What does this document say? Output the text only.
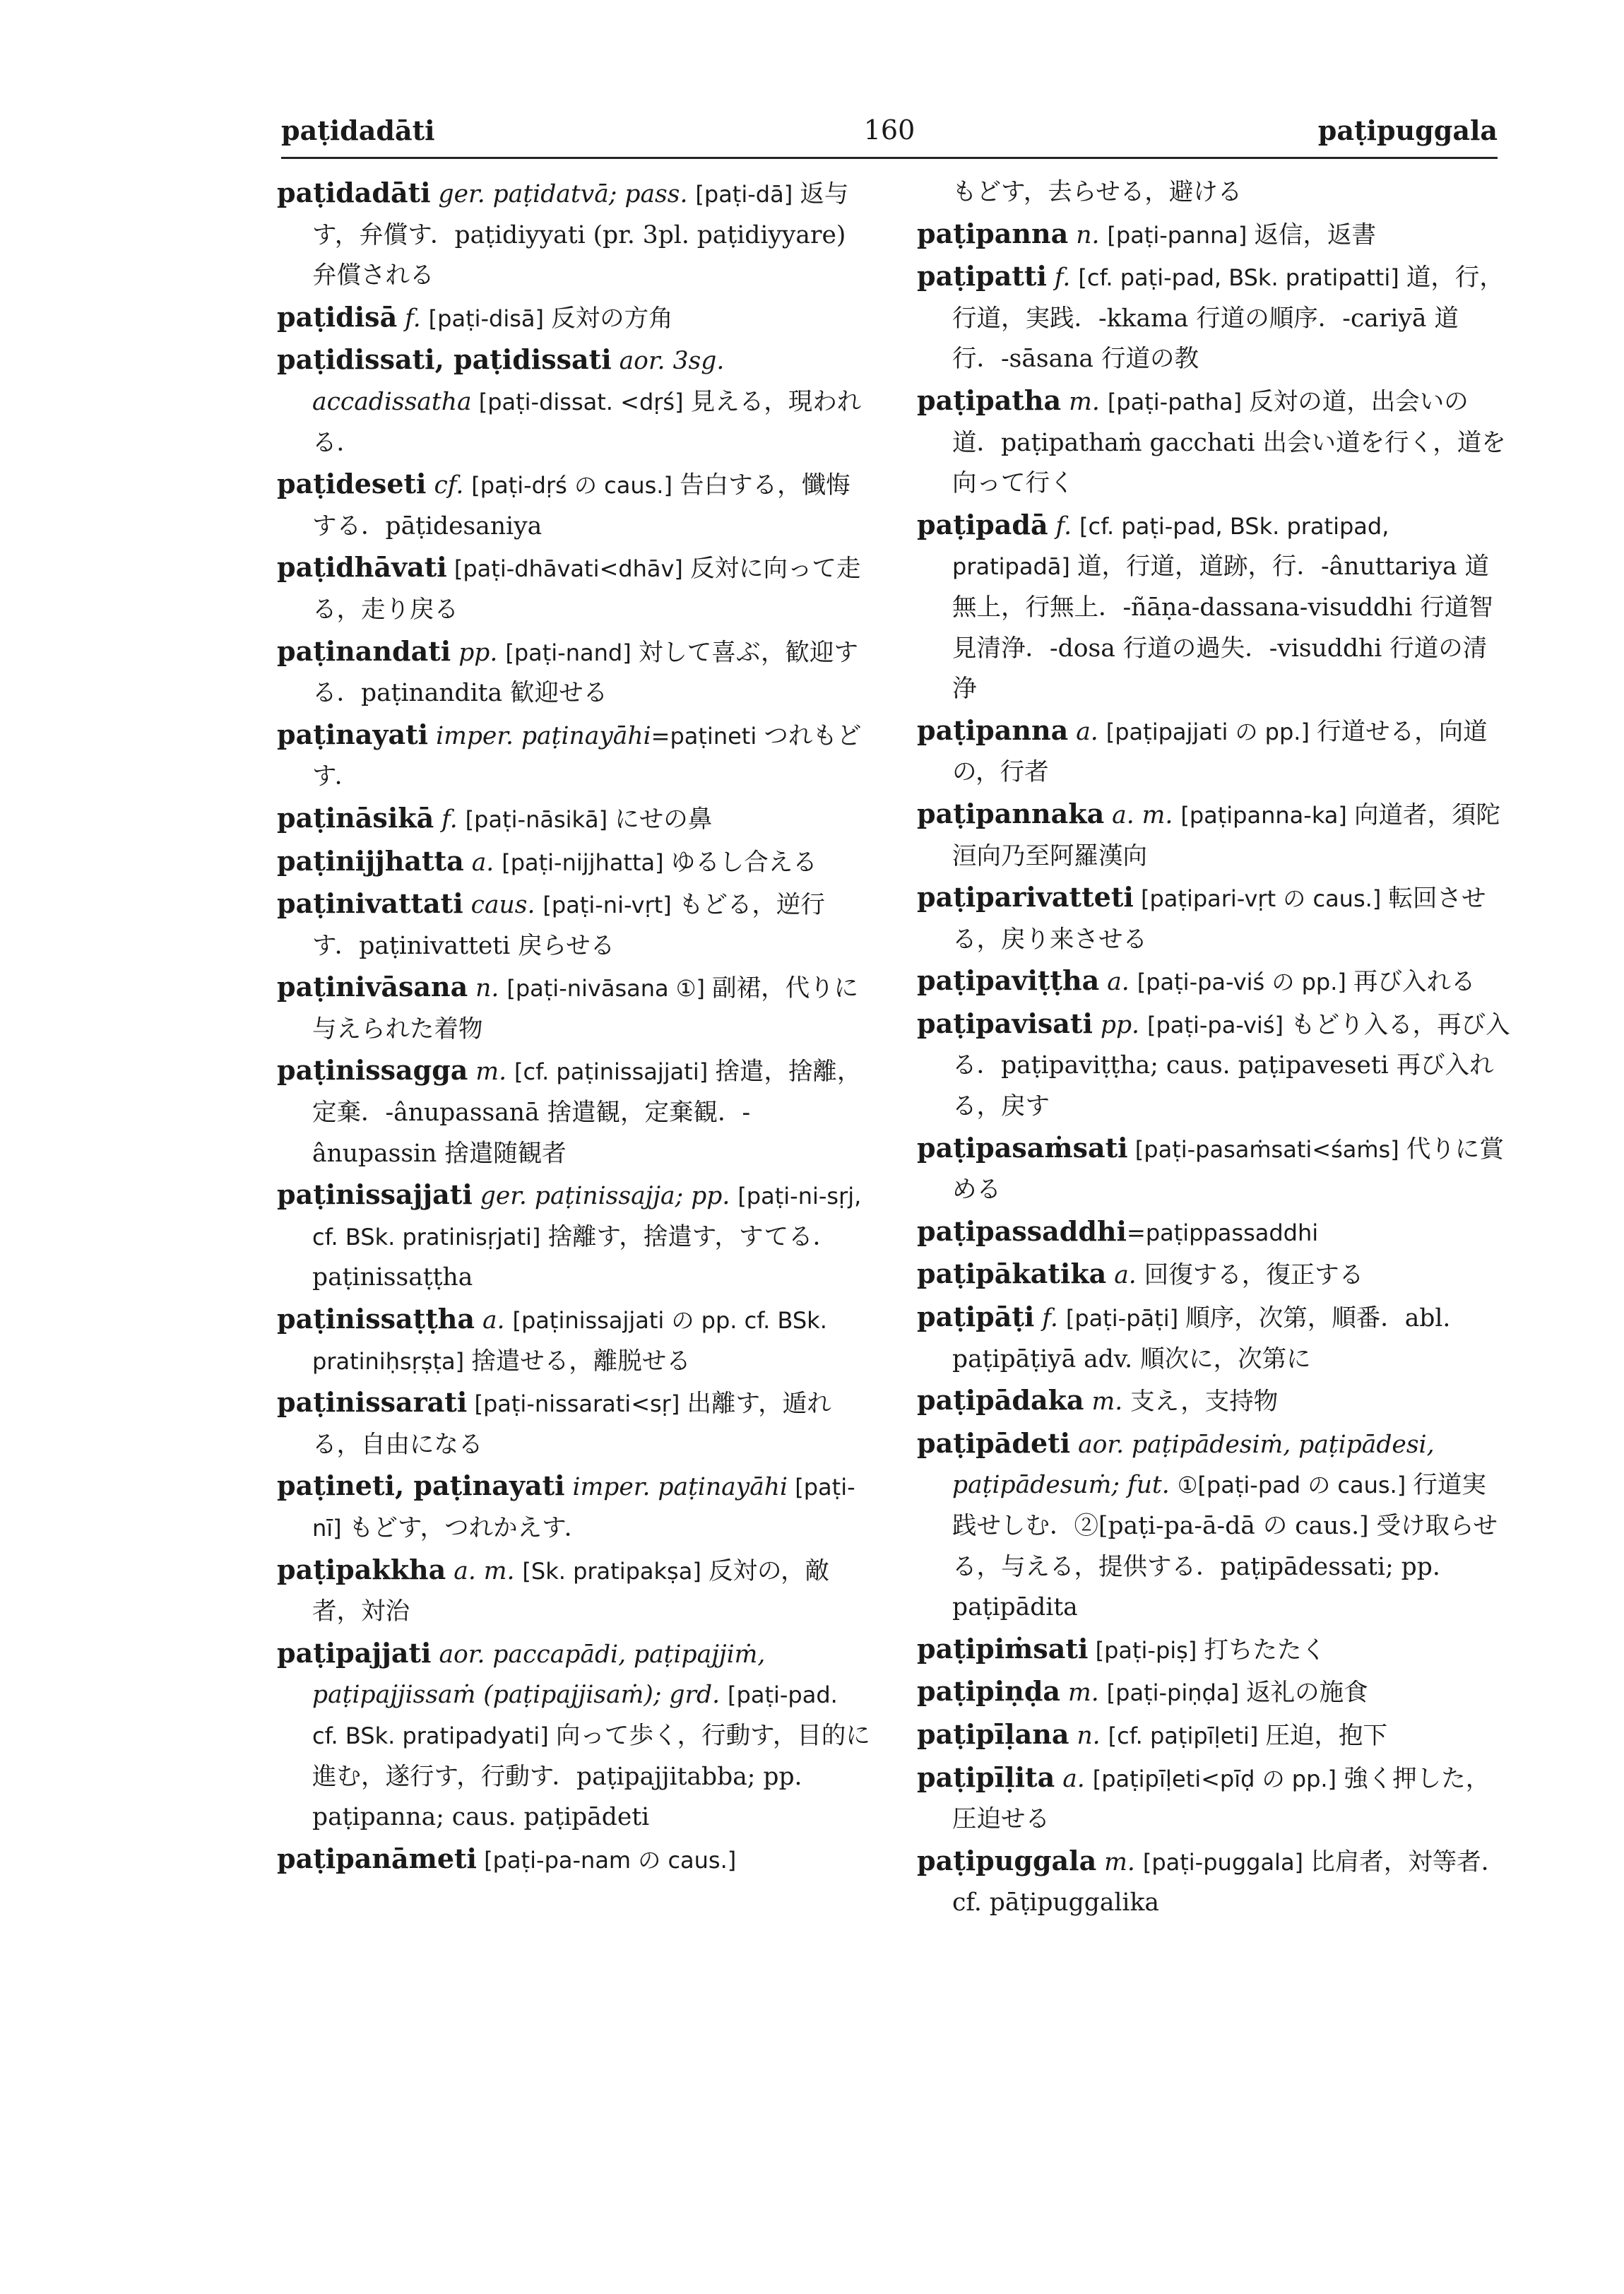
paṭidadāti	160	paṭipuggala

paṭidadāti ger. paṭidatvā; pass. [paṭi-dā] 返与す，弁償す．paṭidiyyati (pr. 3pl. paṭidiyyare) 弁償される

paṭidisā f. [paṭi-disā] 反対の方角

paṭidissati, paṭidissati aor. 3sg. accadissatha [paṭi-dissat. <dṛś] 見える，現われる．

paṭideseti cf. [paṭi-dṛś の caus.] 告白する，懺悔する．pāṭidesaniya

paṭidhāvati [paṭi-dhāvati<dhāv] 反対に向って走る，走り戻る

paṭinandati pp. [paṭi-nand] 対して喜ぶ，歓迎する．paṭinandita 歓迎せる

paṭinayati imper. paṭinayāhi=paṭineti つれもどす．

paṭināsikā f. [paṭi-nāsikā] にせの鼻

paṭinijjhatta a. [paṭi-nijjhatta] ゆるし合える

paṭinivattati caus. [paṭi-ni-vṛt] もどる，逆行す．paṭinivatteti 戻らせる

paṭinivāsana n. [paṭi-nivāsana ①] 副裙，代りに与えられた着物

paṭinissagga m. [cf. paṭinissajjati] 捨遣，捨離，定棄．-ânupassanā 捨遣観，定棄観．-ânupassin 捨遣随観者

paṭinissajjati ger. paṭinissajja; pp. [paṭi-ni-sṛj, cf. BSk. pratinisṛjati] 捨離す，捨遣す，すてる．paṭinissaṭṭha

paṭinissaṭṭha a. [paṭinissajjati の pp. cf. BSk. pratiniḥsṛṣṭa] 捨遣せる，離脱せる

paṭinissarati [paṭi-nissarati<sṛ] 出離す，遁れる，自由になる

paṭineti, paṭinayati imper. paṭinayāhi [paṭi-nī] もどす，つれかえす．

paṭipakkha a. m. [Sk. pratipakṣa] 反対の，敵者，対治

paṭipajjati aor. paccapādi, paṭipajjiṁ, paṭipajjissaṁ (paṭipajjisaṁ); grd. [paṭi-pad. cf. BSk. pratipadyati] 向って歩く，行動す，目的に進む，遂行す，行動す．paṭipajjitabba; pp. paṭipanna; caus. paṭipādeti

paṭipanāmeti [paṭi-pa-nam の caus.]

もどす，去らせる，避ける

paṭipanna n. [paṭi-panna] 返信，返書

paṭipatti f. [cf. paṭi-pad, BSk. pratipatti] 道，行，行道，実践．-kkama 行道の順序．-cariyā 道行．-sāsana 行道の教

paṭipatha m. [paṭi-patha] 反対の道，出会いの道．paṭipathaṁ gacchati 出会い道を行く，道を向って行く

paṭipadā f. [cf. paṭi-pad, BSk. pratipad, pratipadā] 道，行道，道跡，行．-ânuttariya 道無上，行無上．-ñāṇa-dassana-visuddhi 行道智見清浄．-dosa 行道の過失．-visuddhi 行道の清浄

paṭipanna a. [paṭipajjati の pp.] 行道せる，向道の，行者

paṭipannaka a. m. [paṭipanna-ka] 向道者，須陀洹向乃至阿羅漢向

paṭiparivatteti [paṭipari-vṛt の caus.] 転回させる，戻り来させる

paṭipaviṭṭha a. [paṭi-pa-viś の pp.] 再び入れる

paṭipavisati pp. [paṭi-pa-viś] もどり入る，再び入る．paṭipaviṭṭha; caus. paṭipaveseti 再び入れる，戻す

paṭipasaṁsati [paṭi-pasaṁsati<śaṁs] 代りに賞める

paṭipassaddhi=paṭippassaddhi

paṭipākatika a. 回復する，復正する

paṭipāṭi f. [paṭi-pāṭi] 順序，次第，順番．abl. paṭipāṭiyā adv. 順次に，次第に

paṭipādaka m. 支え，支持物

paṭipādeti aor. paṭipādesiṁ, paṭipādesi, paṭipādesuṁ; fut. ①[paṭi-pad の caus.] 行道実践せしむ．②[paṭi-pa-ā-dā の caus.] 受け取らせる，与える，提供する．paṭipādessati; pp. paṭipādita

paṭipiṁsati [paṭi-piṣ] 打ちたたく

paṭipiṇḍa m. [paṭi-piṇḍa] 返礼の施食

paṭipīḷana n. [cf. paṭipīḷeti] 圧迫，抱下

paṭipīḷita a. [paṭipīḷeti<pīḍ の pp.] 強く押した，圧迫せる

paṭipuggala m. [paṭi-puggala] 比肩者，対等者．cf. pāṭipuggalika
